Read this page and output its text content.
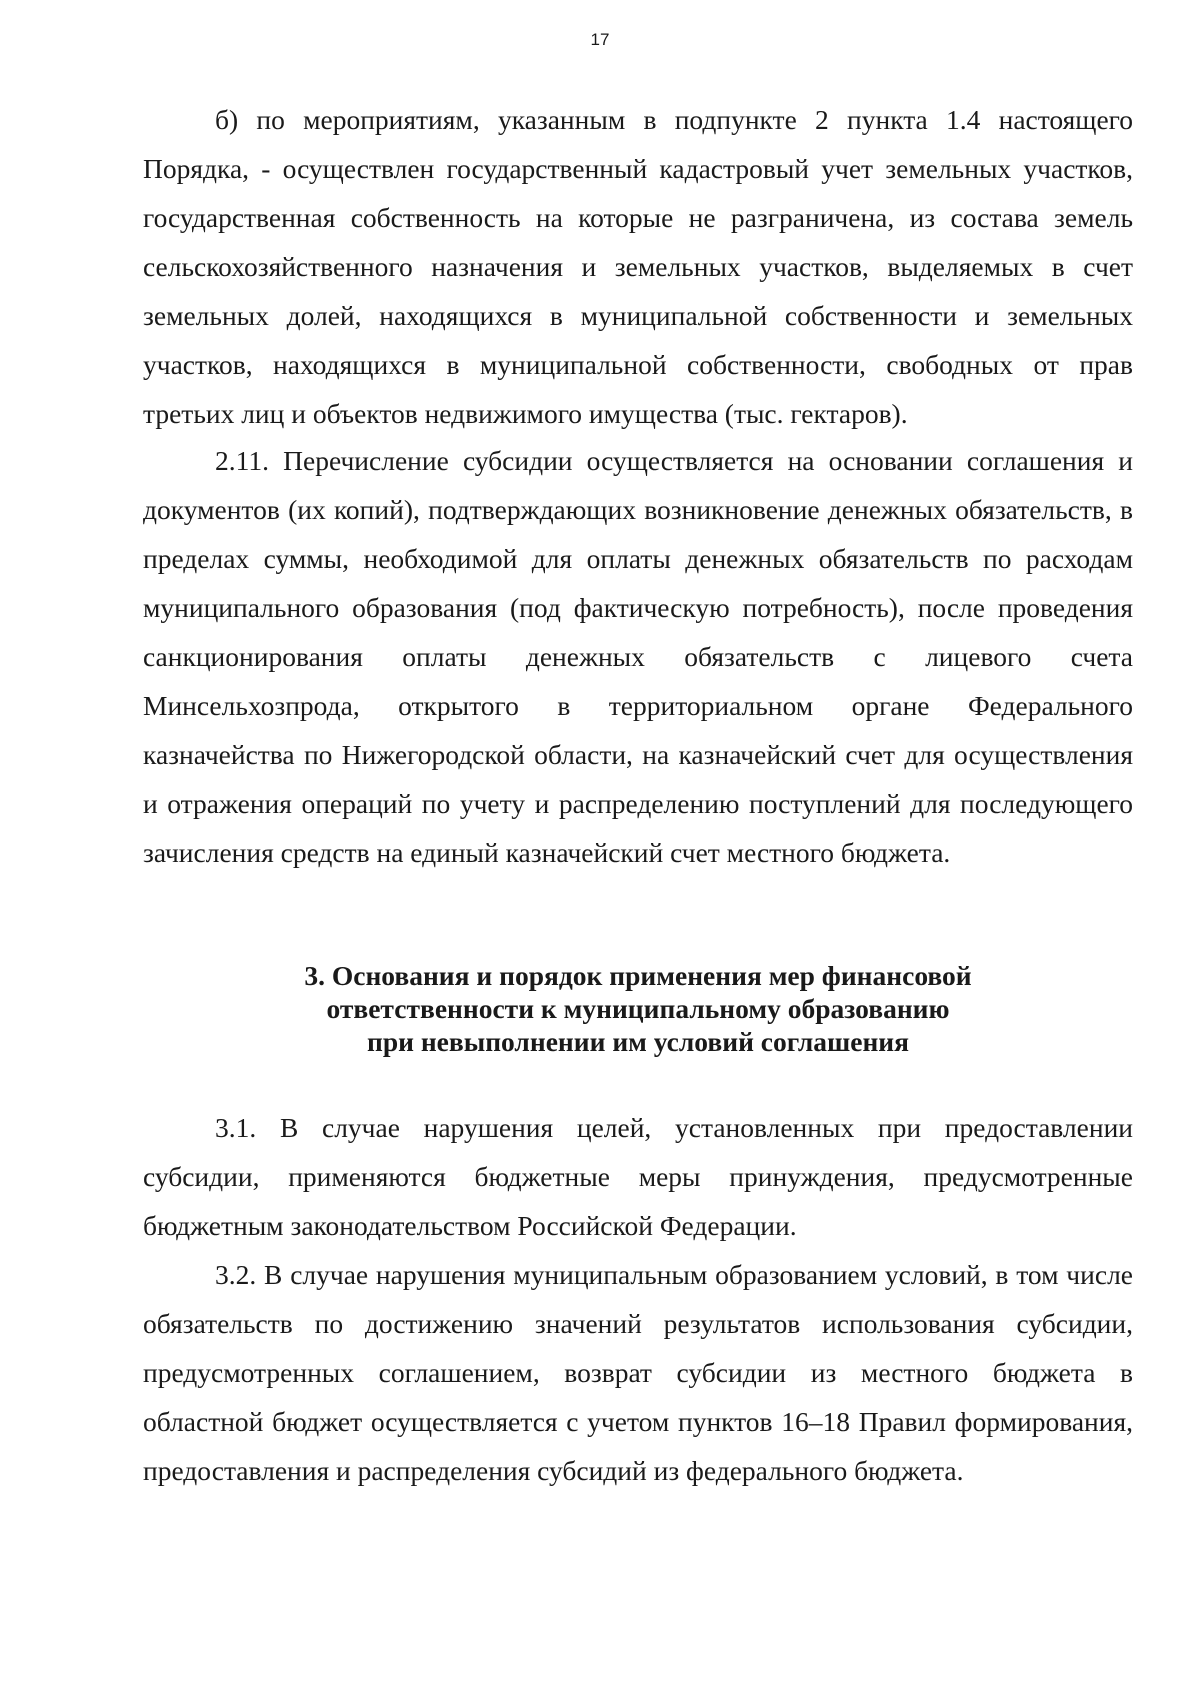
17

б) по мероприятиям, указанным в подпункте 2 пункта 1.4 настоящего Порядка, - осуществлен государственный кадастровый учет земельных участков, государственная собственность на которые не разграничена, из состава земель сельскохозяйственного назначения и земельных участков, выделяемых в счет земельных долей, находящихся в муниципальной собственности и земельных участков, находящихся в муниципальной собственности, свободных от прав третьих лиц и объектов недвижимого имущества (тыс. гектаров).

2.11. Перечисление субсидии осуществляется на основании соглашения и документов (их копий), подтверждающих возникновение денежных обязательств, в пределах суммы, необходимой для оплаты денежных обязательств по расходам муниципального образования (под фактическую потребность), после проведения санкционирования оплаты денежных обязательств с лицевого счета Минсельхозпрода, открытого в территориальном органе Федерального казначейства по Нижегородской области, на казначейский счет для осуществления и отражения операций по учету и распределению поступлений для последующего зачисления средств на единый казначейский счет местного бюджета.

3. Основания и порядок применения мер финансовой
ответственности к муниципальному образованию
при невыполнении им условий соглашения

3.1. В случае нарушения целей, установленных при предоставлении субсидии, применяются бюджетные меры принуждения, предусмотренные бюджетным законодательством Российской Федерации.

3.2. В случае нарушения муниципальным образованием условий, в том числе обязательств по достижению значений результатов использования субсидии, предусмотренных соглашением, возврат субсидии из местного бюджета в областной бюджет осуществляется с учетом пунктов 16–18 Правил формирования, предоставления и распределения субсидий из федерального бюджета.
